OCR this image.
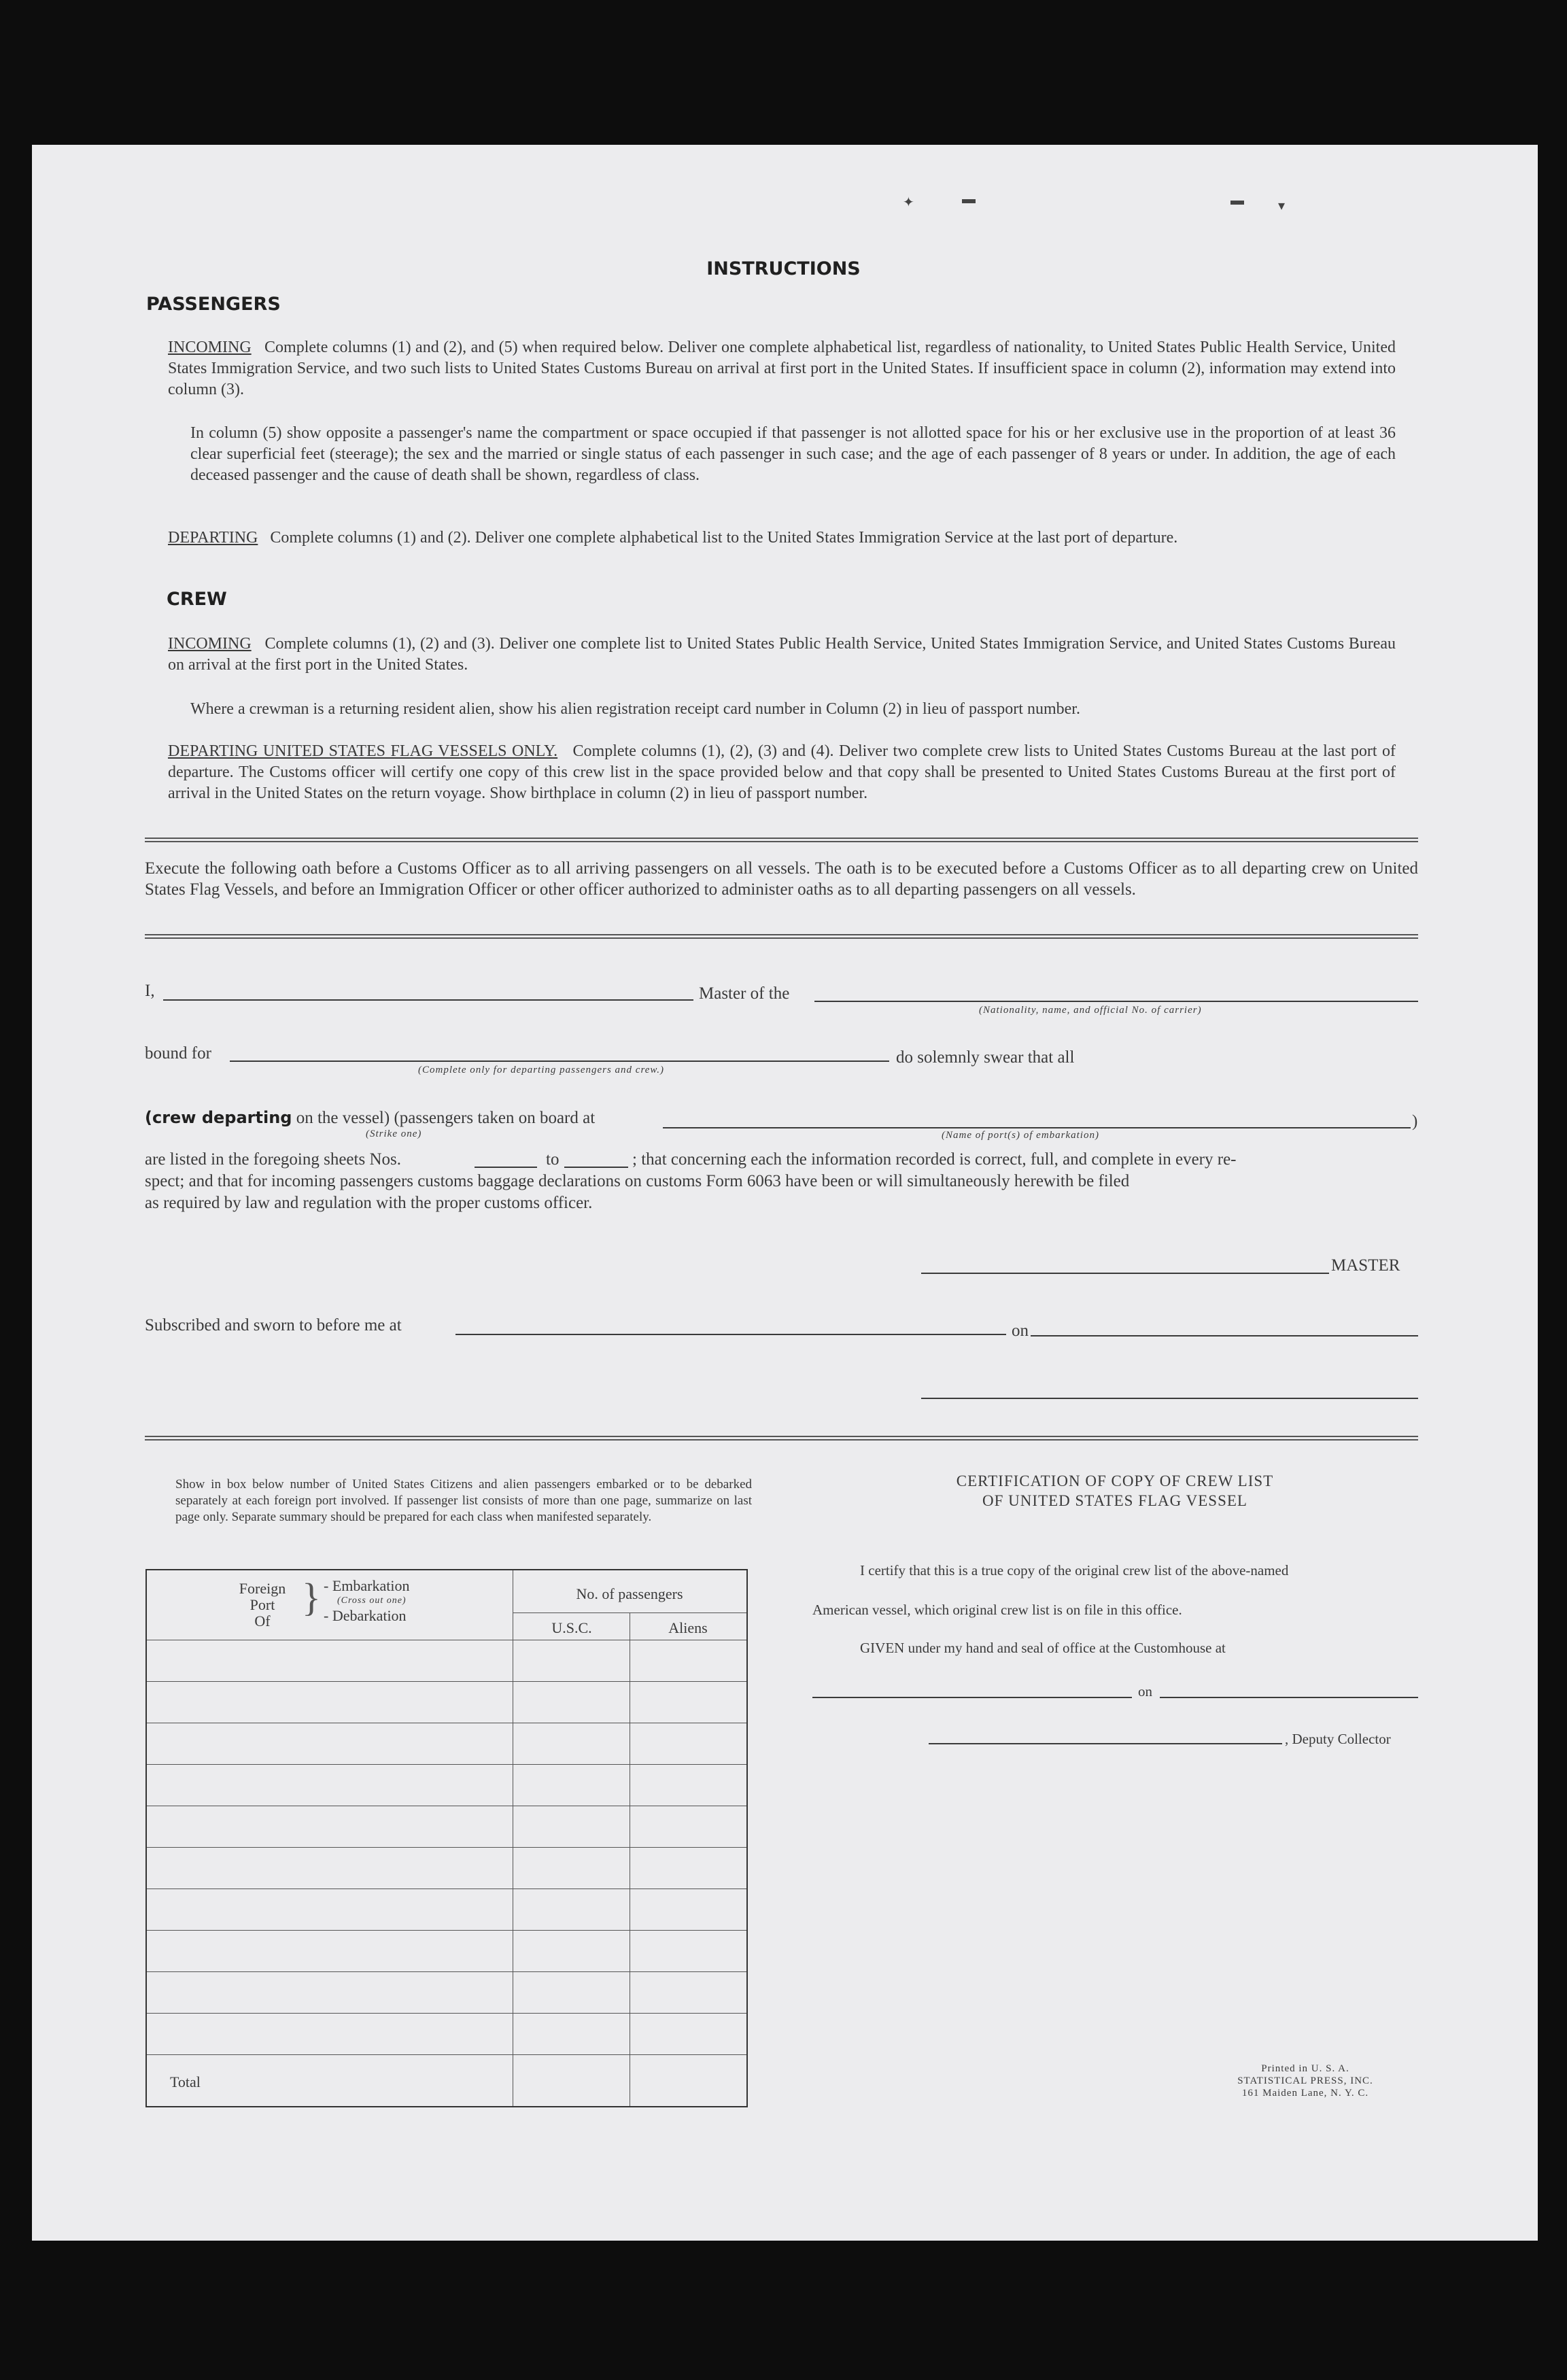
✦	▬	▬	▾
INSTRUCTIONS
PASSENGERS
INCOMING Complete columns (1) and (2), and (5) when required below. Deliver one complete alphabetical list, regardless of nationality, to United States Public Health Service, United States Immigration Service, and two such lists to United States Customs Bureau on arrival at first port in the United States. If insufficient space in column (2), information may extend into column (3).
In column (5) show opposite a passenger's name the compartment or space occupied if that passenger is not allotted space for his or her exclusive use in the proportion of at least 36 clear superficial feet (steerage); the sex and the married or single status of each passenger in such case; and the age of each passenger of 8 years or under. In addition, the age of each deceased passenger and the cause of death shall be shown, regardless of class.
DEPARTING Complete columns (1) and (2). Deliver one complete alphabetical list to the United States Immigration Service at the last port of departure.
CREW
INCOMING Complete columns (1), (2) and (3). Deliver one complete list to United States Public Health Service, United States Immigration Service, and United States Customs Bureau on arrival at the first port in the United States.
Where a crewman is a returning resident alien, show his alien registration receipt card number in Column (2) in lieu of passport number.
DEPARTING UNITED STATES FLAG VESSELS ONLY. Complete columns (1), (2), (3) and (4). Deliver two complete crew lists to United States Customs Bureau at the last port of departure. The Customs officer will certify one copy of this crew list in the space provided below and that copy shall be presented to United States Customs Bureau at the first port of arrival in the United States on the return voyage. Show birthplace in column (2) in lieu of passport number.
Execute the following oath before a Customs Officer as to all arriving passengers on all vessels. The oath is to be executed before a Customs Officer as to all departing crew on United States Flag Vessels, and before an Immigration Officer or other officer authorized to administer oaths as to all departing passengers on all vessels.
I,	Master of the
(Nationality, name, and official No. of carrier)
bound for
(Complete only for departing passengers and crew.)
do solemnly swear that all
(crew departing on the vessel) (passengers taken on board at	)
(Strike one)	(Name of port(s) of embarkation)
are listed in the foregoing sheets Nos.	to	; that concerning each the information recorded is correct, full, and complete in every re-
spect; and that for incoming passengers customs baggage declarations on customs Form 6063 have been or will simultaneously herewith be filed
as required by law and regulation with the proper customs officer.
MASTER
Subscribed and sworn to before me at	on
Show in box below number of United States Citizens and alien passengers embarked or to be debarked separately at each foreign port involved. If passenger list consists of more than one page, summarize on last page only. Separate summary should be prepared for each class when manifested separately.
Foreign
Port
Of
} - Embarkation
(Cross out one)
- Debarkation
No. of passengers
U.S.C.	Aliens
Total
CERTIFICATION OF COPY OF CREW LIST
OF UNITED STATES FLAG VESSEL
I certify that this is a true copy of the original crew list of the above-named
American vessel, which original crew list is on file in this office.
GIVEN under my hand and seal of office at the Customhouse at
on
, Deputy Collector
Printed in U. S. A.
STATISTICAL PRESS, INC.
161 Maiden Lane, N. Y. C.
